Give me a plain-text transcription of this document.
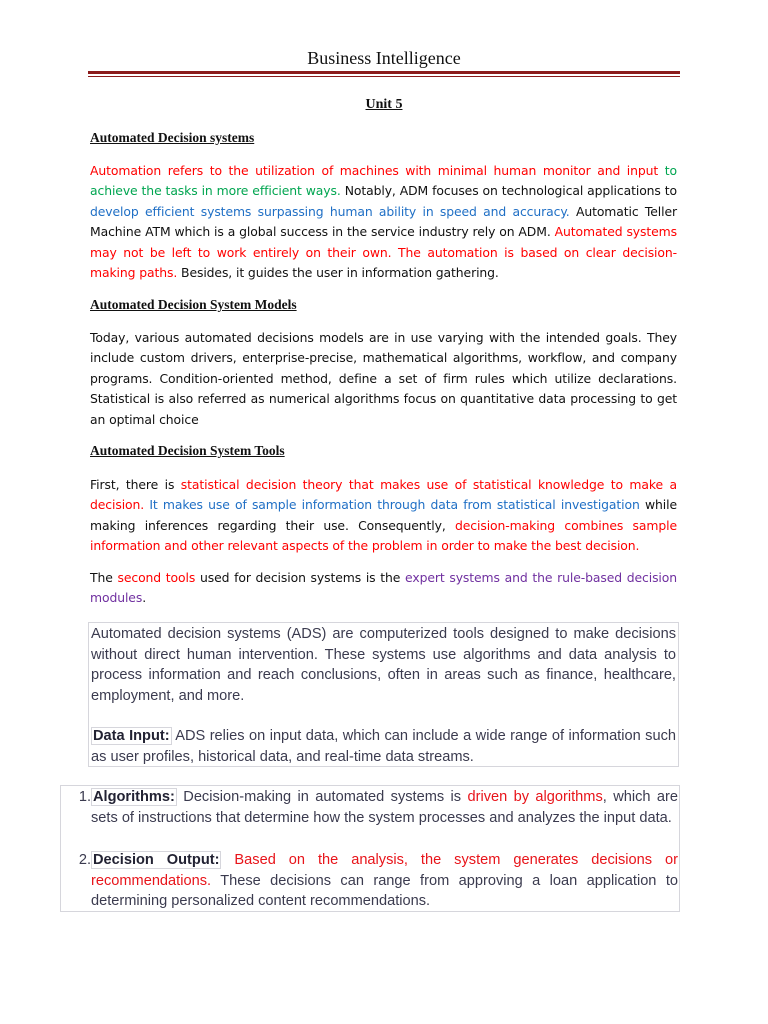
Business Intelligence
Unit 5
Automated Decision systems

Automation refers to the utilization of machines with minimal human monitor and input to achieve the tasks in more efficient ways. Notably, ADM focuses on technological applications to develop efficient systems surpassing human ability in speed and accuracy. Automatic Teller Machine ATM which is a global success in the service industry rely on ADM. Automated systems may not be left to work entirely on their own. The automation is based on clear decision-making paths. Besides, it guides the user in information gathering.

Automated Decision System Models

Today, various automated decisions models are in use varying with the intended goals. They include custom drivers, enterprise-precise, mathematical algorithms, workflow, and company programs. Condition-oriented method, define a set of firm rules which utilize declarations. Statistical is also referred as numerical algorithms focus on quantitative data processing to get an optimal choice

Automated Decision System Tools

First, there is statistical decision theory that makes use of statistical knowledge to make a decision. It makes use of sample information through data from statistical investigation while making inferences regarding their use. Consequently, decision-making combines sample information and other relevant aspects of the problem in order to make the best decision.

The second tools used for decision systems is the expert systems and the rule-based decision modules.

Automated decision systems (ADS) are computerized tools designed to make decisions without direct human intervention. These systems use algorithms and data analysis to process information and reach conclusions, often in areas such as finance, healthcare, employment, and more.

Data Input: ADS relies on input data, which can include a wide range of information such as user profiles, historical data, and real-time data streams.

1. Algorithms: Decision-making in automated systems is driven by algorithms, which are sets of instructions that determine how the system processes and analyzes the input data.

2. Decision Output: Based on the analysis, the system generates decisions or recommendations. These decisions can range from approving a loan application to determining personalized content recommendations.
